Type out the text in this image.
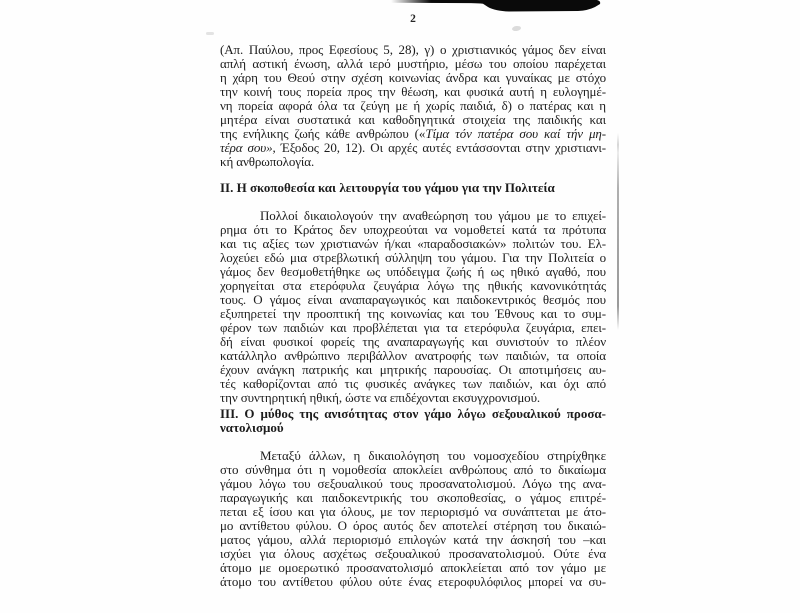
2
(Απ. Παύλου, προς Εφεσίους 5, 28), γ) ο χριστιανικός γάμος δεν είναι
απλή αστική ένωση, αλλά ιερό μυστήριο, μέσω του οποίου παρέχεται
η χάρη του Θεού στην σχέση κοινωνίας άνδρα και γυναίκας με στόχο
την κοινή τους πορεία προς την θέωση, και φυσικά αυτή η ευλογημέ-
νη πορεία αφορά όλα τα ζεύγη με ή χωρίς παιδιά, δ) ο πατέρας και η
μητέρα είναι συστατικά και καθοδηγητικά στοιχεία της παιδικής και
της ενήλικης ζωής κάθε ανθρώπου («Τίμα τόν πατέρα σου καί τήν μη-
τέρα σου», Έξοδος 20, 12). Οι αρχές αυτές εντάσσονται στην χριστιανι-
κή ανθρωπολογία.
ΙΙ. Η σκοποθεσία και λειτουργία του γάμου για την Πολιτεία
Πολλοί δικαιολογούν την αναθεώρηση του γάμου με το επιχεί-
ρημα ότι το Κράτος δεν υποχρεούται να νομοθετεί κατά τα πρότυπα
και τις αξίες των χριστιανών ή/και «παραδοσιακών» πολιτών του. Ελ-
λοχεύει εδώ μια στρεβλωτική σύλληψη του γάμου. Για την Πολιτεία ο
γάμος δεν θεσμοθετήθηκε ως υπόδειγμα ζωής ή ως ηθικό αγαθό, που
χορηγείται στα ετερόφυλα ζευγάρια λόγω της ηθικής κανονικότητάς
τους. Ο γάμος είναι αναπαραγωγικός και παιδοκεντρικός θεσμός που
εξυπηρετεί την προοπτική της κοινωνίας και του Έθνους και το συμ-
φέρον των παιδιών και προβλέπεται για τα ετερόφυλα ζευγάρια, επει-
δή είναι φυσικοί φορείς της αναπαραγωγής και συνιστούν το πλέον
κατάλληλο ανθρώπινο περιβάλλον ανατροφής των παιδιών, τα οποία
έχουν ανάγκη πατρικής και μητρικής παρουσίας. Οι αποτιμήσεις αυ-
τές καθορίζονται από τις φυσικές ανάγκες των παιδιών, και όχι από
την συντηρητική ηθική, ώστε να επιδέχονται εκσυγχρονισμού.
ΙΙΙ. Ο μύθος της ανισότητας στον γάμο λόγω σεξουαλικού προσα-
νατολισμού
Μεταξύ άλλων, η δικαιολόγηση του νομοσχεδίου στηρίχθηκε
στο σύνθημα ότι η νομοθεσία αποκλείει ανθρώπους από το δικαίωμα
γάμου λόγω του σεξουαλικού τους προσανατολισμού. Λόγω της ανα-
παραγωγικής και παιδοκεντρικής του σκοποθεσίας, ο γάμος επιτρέ-
πεται εξ ίσου και για όλους, με τον περιορισμό να συνάπτεται με άτο-
μο αντίθετου φύλου. Ο όρος αυτός δεν αποτελεί στέρηση του δικαιώ-
ματος γάμου, αλλά περιορισμό επιλογών κατά την άσκησή του –και
ισχύει για όλους ασχέτως σεξουαλικού προσανατολισμού. Ούτε ένα
άτομο με ομοερωτικό προσανατολισμό αποκλείεται από τον γάμο με
άτομο του αντίθετου φύλου ούτε ένας ετεροφυλόφιλος μπορεί να συ-
